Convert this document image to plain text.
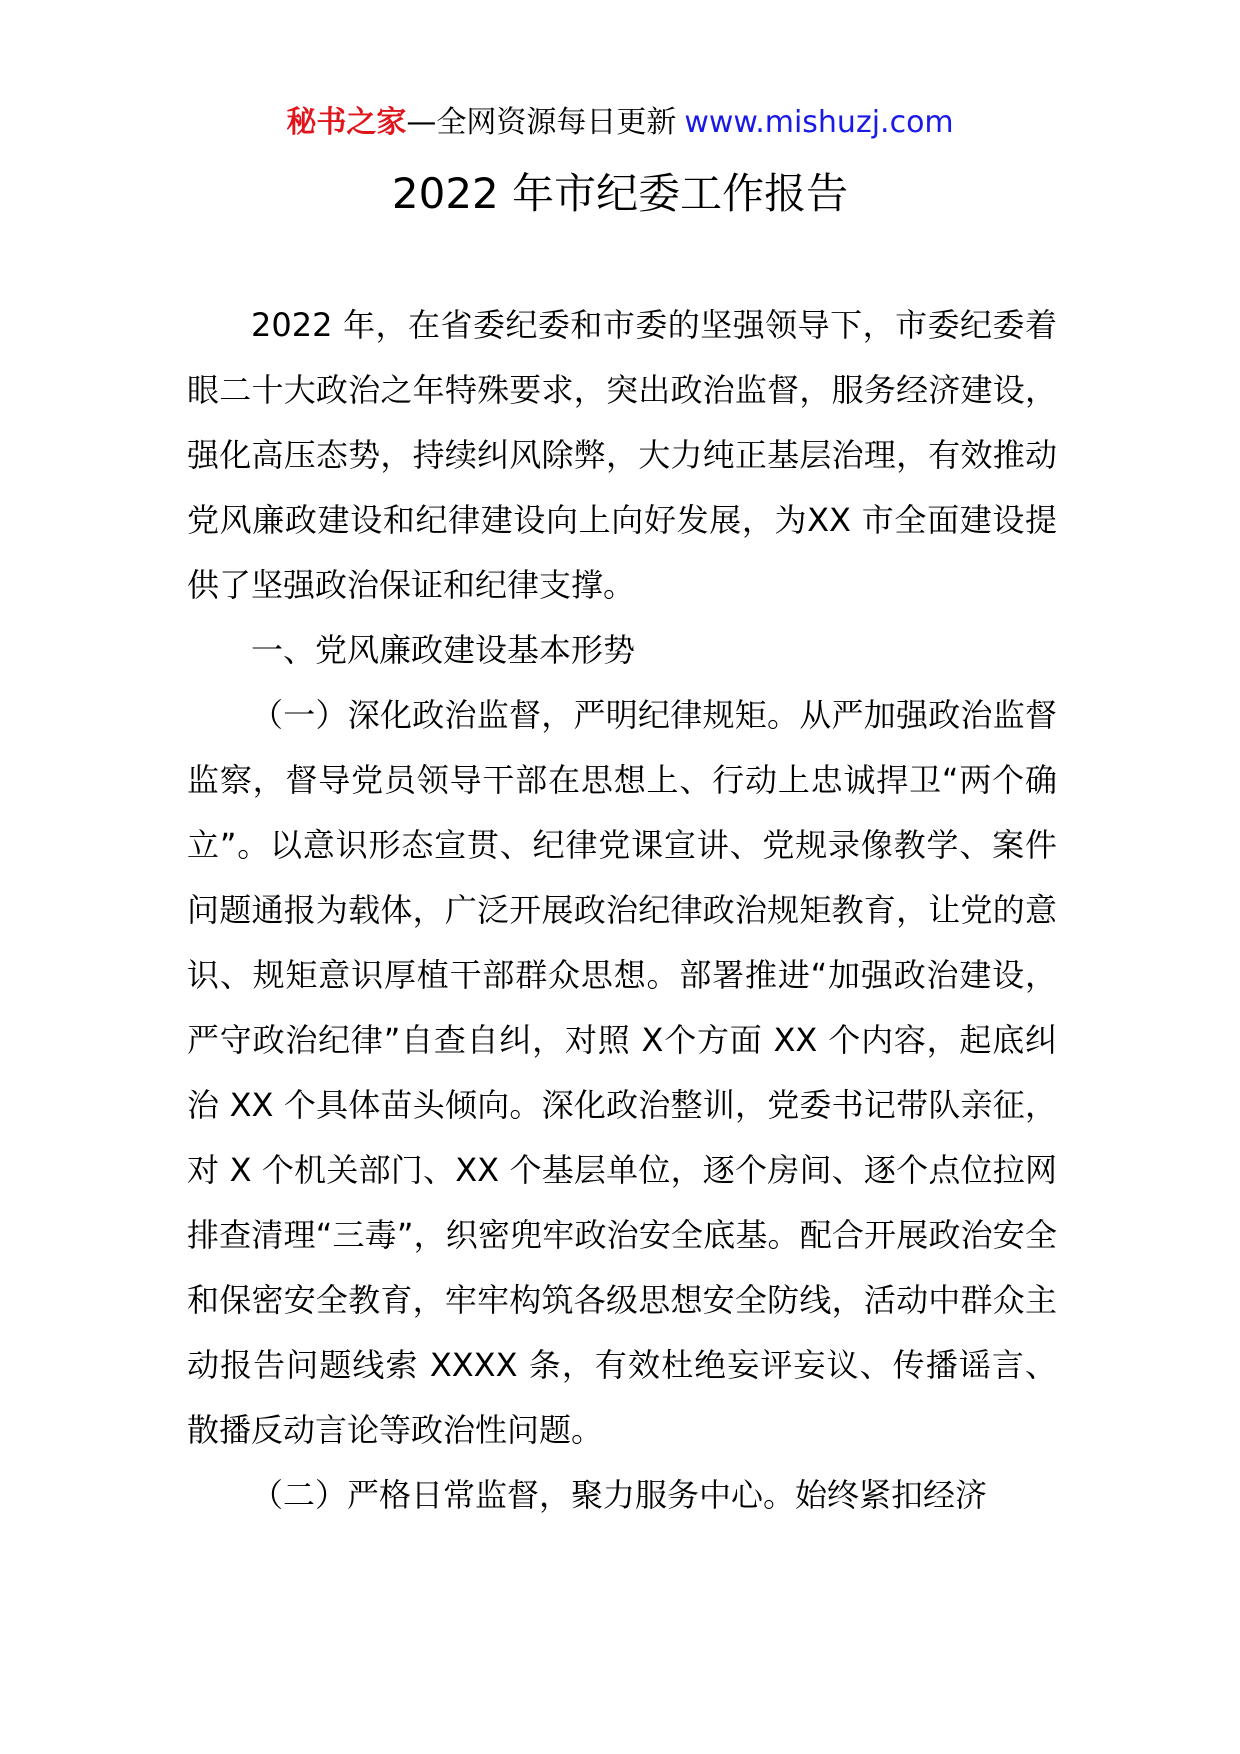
秘书之家—全网资源每日更新 www.mishuzj.com
2022 年市纪委工作报告

2022 年，在省委纪委和市委的坚强领导下，市委纪委着眼二十大政治之年特殊要求，突出政治监督，服务经济建设，强化高压态势，持续纠风除弊，大力纯正基层治理，有效推动党风廉政建设和纪律建设向上向好发展，为XX 市全面建设提供了坚强政治保证和纪律支撑。

一、党风廉政建设基本形势

（一）深化政治监督，严明纪律规矩。从严加强政治监督监察，督导党员领导干部在思想上、行动上忠诚捍卫“两个确立”。以意识形态宣贯、纪律党课宣讲、党规录像教学、案件问题通报为载体，广泛开展政治纪律政治规矩教育，让党的意识、规矩意识厚植干部群众思想。部署推进“加强政治建设，严守政治纪律”自查自纠，对照 X个方面 XX 个内容，起底纠治 XX 个具体苗头倾向。深化政治整训，党委书记带队亲征，对 X 个机关部门、XX 个基层单位，逐个房间、逐个点位拉网排查清理“三毒”，织密兜牢政治安全底基。配合开展政治安全和保密安全教育，牢牢构筑各级思想安全防线，活动中群众主动报告问题线索 XXXX 条，有效杜绝妄评妄议、传播谣言、散播反动言论等政治性问题。

（二）严格日常监督，聚力服务中心。始终紧扣经济
